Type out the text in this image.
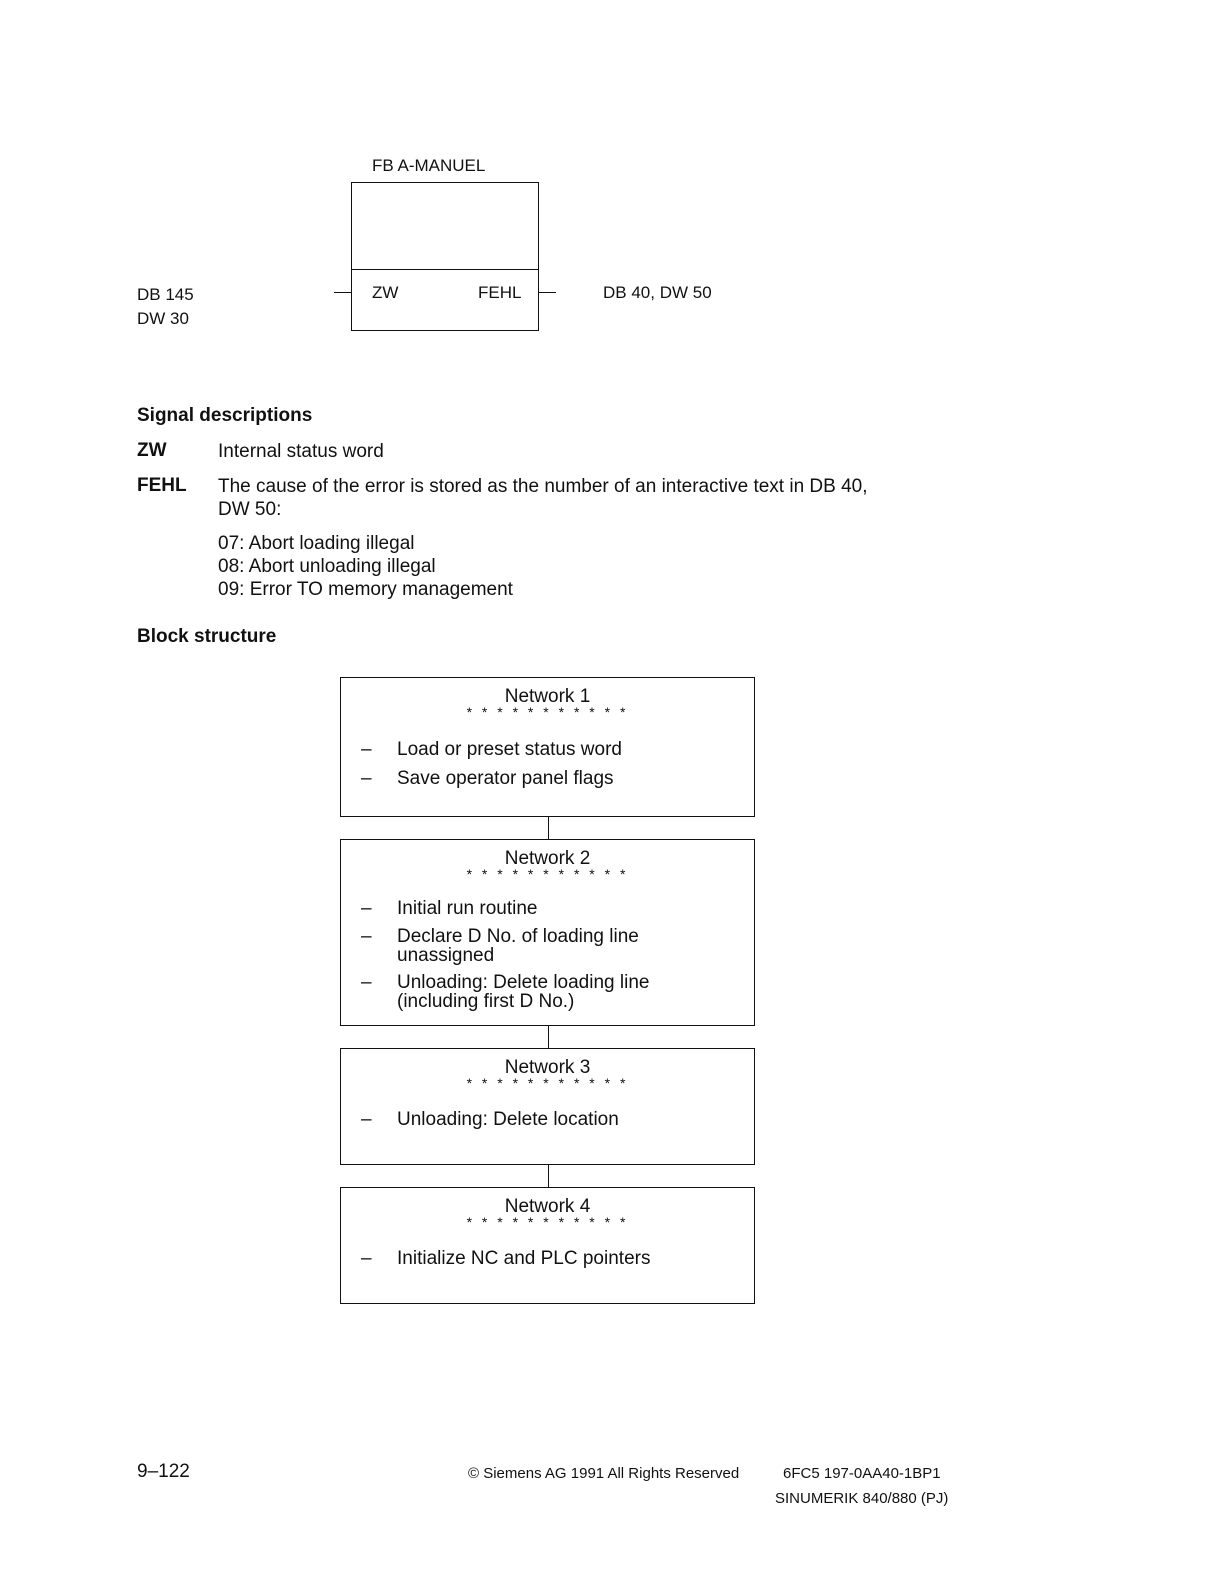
FB A-MANUEL
DB 145
DW 30
ZW	FEHL	DB 40, DW 50
Signal descriptions
ZW	Internal status word
FEHL The cause of the error is stored as the number of an interactive text in DB 40,
DW 50:
07: Abort loading illegal
08: Abort unloading illegal
09: Error TO memory management
Block structure
Network 1
* * * * * * * * * * *
– Load or preset status word
– Save operator panel flags
Network 2
* * * * * * * * * * *
– Initial run routine
– Declare D No. of loading line
unassigned
– Unloading: Delete loading line
(including first D No.)
Network 3
* * * * * * * * * * *
– Unloading: Delete location
Network 4
* * * * * * * * * * *
– Initialize NC and PLC pointers
9–122	© Siemens AG 1991 All Rights Reserved	6FC5 197-0AA40-1BP1
SINUMERIK 840/880 (PJ)
